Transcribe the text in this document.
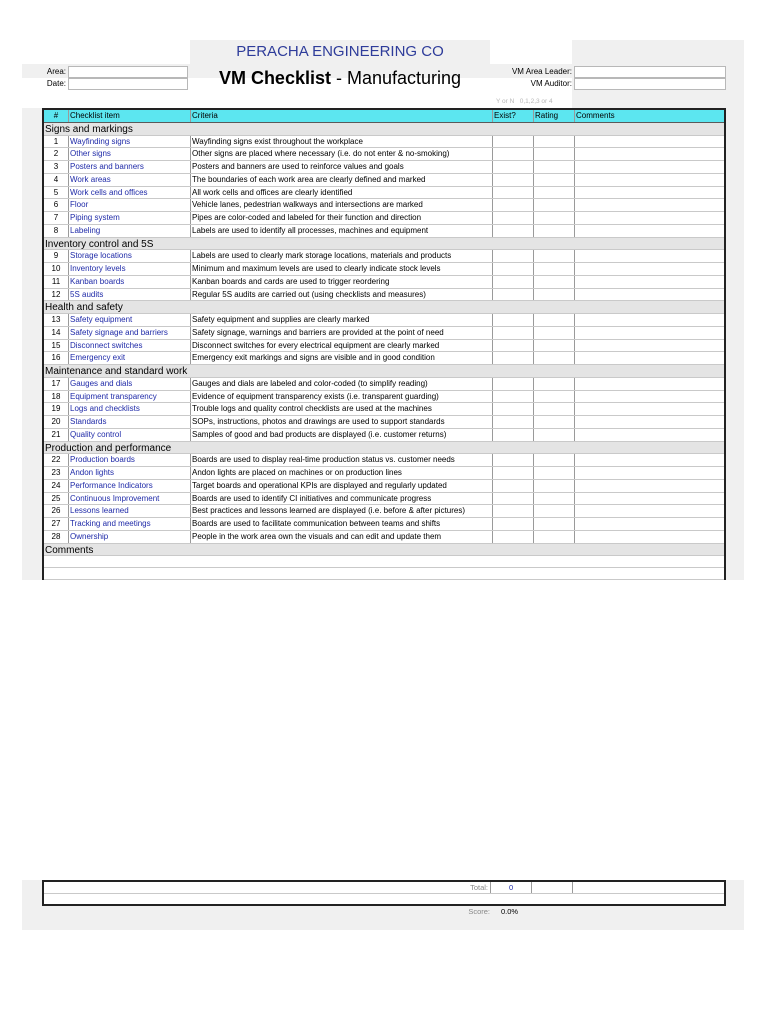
PERACHA ENGINEERING CO
VM Checklist - Manufacturing
Area:
Date:
VM Area Leader:
VM Auditor:
Y or N 0,1,2,3 or 4
#	Checklist item	Criteria	Exist?	Rating	Comments
Signs and markings
1	Wayfinding signs	Wayfinding signs exist throughout the workplace
2	Other signs	Other signs are placed where necessary (i.e. do not enter & no-smoking)
3	Posters and banners	Posters and banners are used to reinforce values and goals
4	Work areas	The boundaries of each work area are clearly defined and marked
5	Work cells and offices	All work cells and offices are clearly identified
6	Floor	Vehicle lanes, pedestrian walkways and intersections are marked
7	Piping system	Pipes are color-coded and labeled for their function and direction
8	Labeling	Labels are used to identify all processes, machines and equipment
Inventory control and 5S
9	Storage locations	Labels are used to clearly mark storage locations, materials and products
10	Inventory levels	Minimum and maximum levels are used to clearly indicate stock levels
11	Kanban boards	Kanban boards and cards are used to trigger reordering
12	5S audits	Regular 5S audits are carried out (using checklists and measures)
Health and safety
13	Safety equipment	Safety equipment and supplies are clearly marked
14	Safety signage and barriers	Safety signage, warnings and barriers are provided at the point of need
15	Disconnect switches	Disconnect switches for every electrical equipment are clearly marked
16	Emergency exit	Emergency exit markings and signs are visible and in good condition
Maintenance and standard work
17	Gauges and dials	Gauges and dials are labeled and color-coded (to simplify reading)
18	Equipment transparency	Evidence of equipment transparency exists (i.e. transparent guarding)
19	Logs and checklists	Trouble logs and quality control checklists are used at the machines
20	Standards	SOPs, instructions, photos and drawings are used to support standards
21	Quality control	Samples of good and bad products are displayed (i.e. customer returns)
Production and performance
22	Production boards	Boards are used to display real-time production status vs. customer needs
23	Andon lights	Andon lights are placed on machines or on production lines
24	Performance Indicators	Target boards and operational KPIs are displayed and regularly updated
25	Continuous Improvement	Boards are used to identify CI initiatives and communicate progress
26	Lessons learned	Best practices and lessons learned are displayed (i.e. before & after pictures)
27	Tracking and meetings	Boards are used to facilitate communication between teams and shifts
28	Ownership	People in the work area own the visuals and can edit and update them
Comments
Total:	0
Score: 0.0%
